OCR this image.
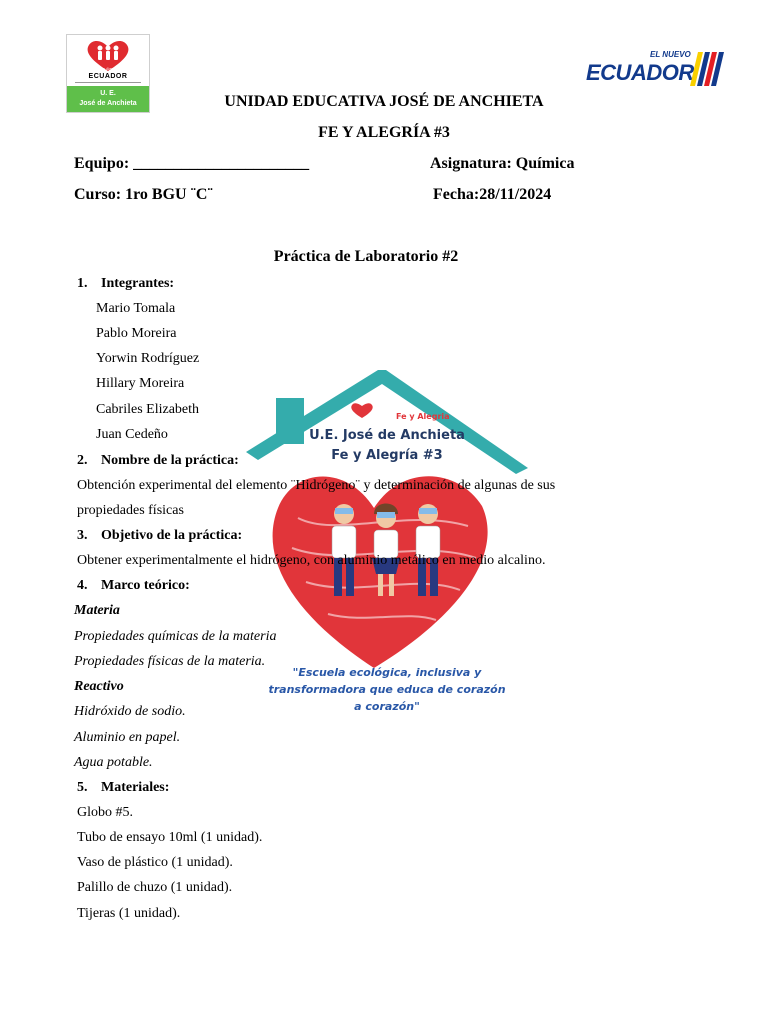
Fe y Alegría
ECUADOR
U. E.
José de Anchieta
EL NUEVO
ECUADOR
Fe y Alegria
U.E. José de Anchieta
Fe y Alegría #3
"Escuela ecológica, inclusiva y
transformadora que educa de corazón
a corazón"
UNIDAD EDUCATIVA JOSÉ DE ANCHIETA
FE Y ALEGRÍA #3
Equipo: ______________________	Asignatura: Química
Curso: 1ro BGU ¨C¨	Fecha:28/11/2024
Práctica de Laboratorio #2
1. Integrantes:
Mario Tomala
Pablo Moreira
Yorwin Rodríguez
Hillary Moreira
Cabriles Elizabeth
Juan Cedeño
2. Nombre de la práctica:
Obtención experimental del elemento ¨Hidrógeno¨ y determinación de algunas de sus
propiedades físicas
3. Objetivo de la práctica:
Obtener experimentalmente el hidrógeno, con aluminio metálico en medio alcalino.
4. Marco teórico:
Materia
Propiedades químicas de la materia
Propiedades físicas de la materia.
Reactivo
Hidróxido de sodio.
Aluminio en papel.
Agua potable.
5. Materiales:
Globo #5.
Tubo de ensayo 10ml (1 unidad).
Vaso de plástico (1 unidad).
Palillo de chuzo (1 unidad).
Tijeras (1 unidad).
